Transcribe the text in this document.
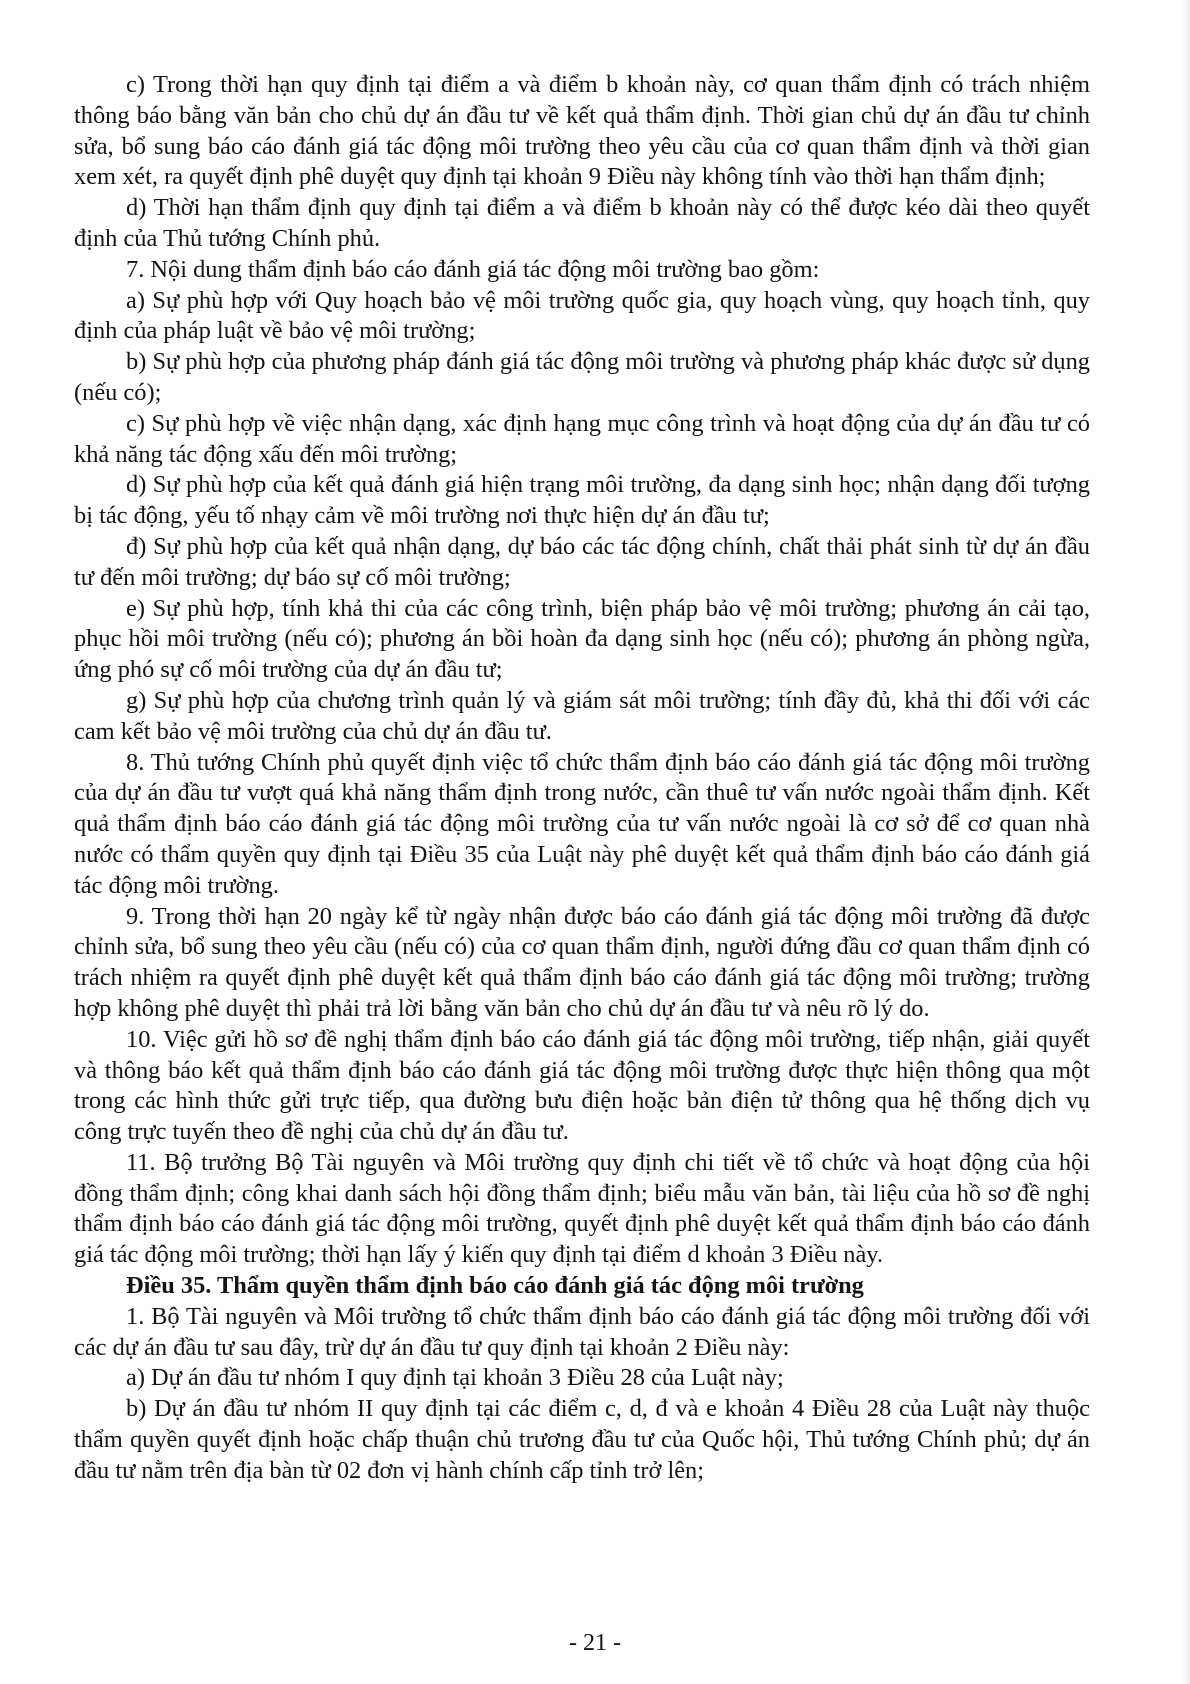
c) Trong thời hạn quy định tại điểm a và điểm b khoản này, cơ quan thẩm định có trách nhiệm thông báo bằng văn bản cho chủ dự án đầu tư về kết quả thẩm định. Thời gian chủ dự án đầu tư chỉnh sửa, bổ sung báo cáo đánh giá tác động môi trường theo yêu cầu của cơ quan thẩm định và thời gian xem xét, ra quyết định phê duyệt quy định tại khoản 9 Điều này không tính vào thời hạn thẩm định;

d) Thời hạn thẩm định quy định tại điểm a và điểm b khoản này có thể được kéo dài theo quyết định của Thủ tướng Chính phủ.

7. Nội dung thẩm định báo cáo đánh giá tác động môi trường bao gồm:

a) Sự phù hợp với Quy hoạch bảo vệ môi trường quốc gia, quy hoạch vùng, quy hoạch tỉnh, quy định của pháp luật về bảo vệ môi trường;

b) Sự phù hợp của phương pháp đánh giá tác động môi trường và phương pháp khác được sử dụng (nếu có);

c) Sự phù hợp về việc nhận dạng, xác định hạng mục công trình và hoạt động của dự án đầu tư có khả năng tác động xấu đến môi trường;

d) Sự phù hợp của kết quả đánh giá hiện trạng môi trường, đa dạng sinh học; nhận dạng đối tượng bị tác động, yếu tố nhạy cảm về môi trường nơi thực hiện dự án đầu tư;

đ) Sự phù hợp của kết quả nhận dạng, dự báo các tác động chính, chất thải phát sinh từ dự án đầu tư đến môi trường; dự báo sự cố môi trường;

e) Sự phù hợp, tính khả thi của các công trình, biện pháp bảo vệ môi trường; phương án cải tạo, phục hồi môi trường (nếu có); phương án bồi hoàn đa dạng sinh học (nếu có); phương án phòng ngừa, ứng phó sự cố môi trường của dự án đầu tư;

g) Sự phù hợp của chương trình quản lý và giám sát môi trường; tính đầy đủ, khả thi đối với các cam kết bảo vệ môi trường của chủ dự án đầu tư.

8. Thủ tướng Chính phủ quyết định việc tổ chức thẩm định báo cáo đánh giá tác động môi trường của dự án đầu tư vượt quá khả năng thẩm định trong nước, cần thuê tư vấn nước ngoài thẩm định. Kết quả thẩm định báo cáo đánh giá tác động môi trường của tư vấn nước ngoài là cơ sở để cơ quan nhà nước có thẩm quyền quy định tại Điều 35 của Luật này phê duyệt kết quả thẩm định báo cáo đánh giá tác động môi trường.

9. Trong thời hạn 20 ngày kể từ ngày nhận được báo cáo đánh giá tác động môi trường đã được chỉnh sửa, bổ sung theo yêu cầu (nếu có) của cơ quan thẩm định, người đứng đầu cơ quan thẩm định có trách nhiệm ra quyết định phê duyệt kết quả thẩm định báo cáo đánh giá tác động môi trường; trường hợp không phê duyệt thì phải trả lời bằng văn bản cho chủ dự án đầu tư và nêu rõ lý do.

10. Việc gửi hồ sơ đề nghị thẩm định báo cáo đánh giá tác động môi trường, tiếp nhận, giải quyết và thông báo kết quả thẩm định báo cáo đánh giá tác động môi trường được thực hiện thông qua một trong các hình thức gửi trực tiếp, qua đường bưu điện hoặc bản điện tử thông qua hệ thống dịch vụ công trực tuyến theo đề nghị của chủ dự án đầu tư.

11. Bộ trưởng Bộ Tài nguyên và Môi trường quy định chi tiết về tổ chức và hoạt động của hội đồng thẩm định; công khai danh sách hội đồng thẩm định; biểu mẫu văn bản, tài liệu của hồ sơ đề nghị thẩm định báo cáo đánh giá tác động môi trường, quyết định phê duyệt kết quả thẩm định báo cáo đánh giá tác động môi trường; thời hạn lấy ý kiến quy định tại điểm d khoản 3 Điều này.

Điều 35. Thẩm quyền thẩm định báo cáo đánh giá tác động môi trường

1. Bộ Tài nguyên và Môi trường tổ chức thẩm định báo cáo đánh giá tác động môi trường đối với các dự án đầu tư sau đây, trừ dự án đầu tư quy định tại khoản 2 Điều này:

a) Dự án đầu tư nhóm I quy định tại khoản 3 Điều 28 của Luật này;

b) Dự án đầu tư nhóm II quy định tại các điểm c, d, đ và e khoản 4 Điều 28 của Luật này thuộc thẩm quyền quyết định hoặc chấp thuận chủ trương đầu tư của Quốc hội, Thủ tướng Chính phủ; dự án đầu tư nằm trên địa bàn từ 02 đơn vị hành chính cấp tỉnh trở lên;

- 21 -
